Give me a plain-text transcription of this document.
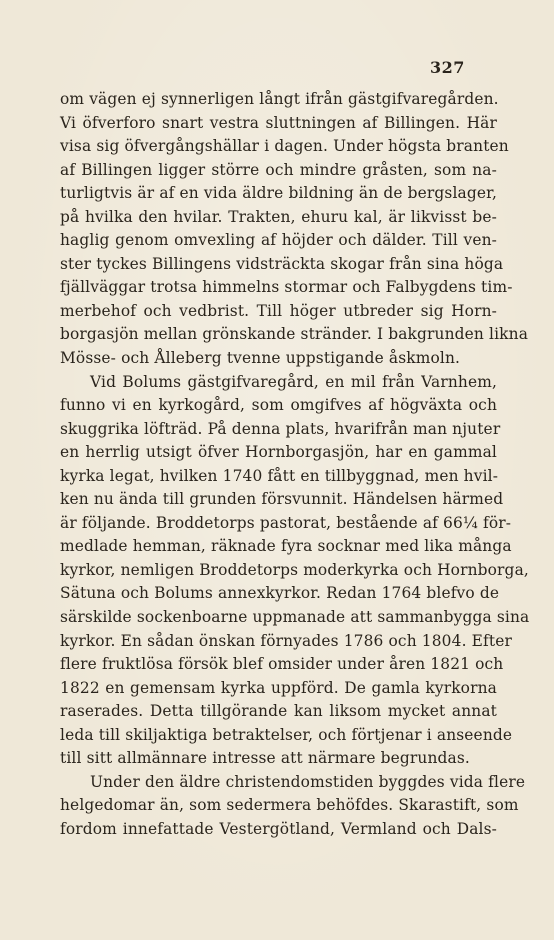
327
om vägen ej synnerligen långt ifrån gästgifvaregården.
Vi öfverforo snart vestra sluttningen af Billingen. Här
visa sig öfvergångshällar i dagen. Under högsta branten
af Billingen ligger större och mindre gråsten, som na-
turligtvis är af en vida äldre bildning än de bergslager,
på hvilka den hvilar. Trakten, ehuru kal, är likvisst be-
haglig genom omvexling af höjder och dälder. Till ven-
ster tyckes Billingens vidsträckta skogar från sina höga
fjällväggar trotsa himmelns stormar och Falbygdens tim-
merbehof och vedbrist. Till höger utbreder sig Horn-
borgasjön mellan grönskande stränder. I bakgrunden likna
Mösse- och Ålleberg tvenne uppstigande åskmoln.
Vid Bolums gästgifvaregård, en mil från Varnhem,
funno vi en kyrkogård, som omgifves af högväxta och
skuggrika löfträd. På denna plats, hvarifrån man njuter
en herrlig utsigt öfver Hornborgasjön, har en gammal
kyrka legat, hvilken 1740 fått en tillbyggnad, men hvil-
ken nu ända till grunden försvunnit. Händelsen härmed
är följande. Broddetorps pastorat, bestående af 66¼ för-
medlade hemman, räknade fyra socknar med lika många
kyrkor, nemligen Broddetorps moderkyrka och Hornborga,
Sätuna och Bolums annexkyrkor. Redan 1764 blefvo de
särskilde sockenboarne uppmanade att sammanbygga sina
kyrkor. En sådan önskan förnyades 1786 och 1804. Efter
flere fruktlösa försök blef omsider under åren 1821 och
1822 en gemensam kyrka uppförd. De gamla kyrkorna
raserades. Detta tillgörande kan liksom mycket annat
leda till skiljaktiga betraktelser, och förtjenar i anseende
till sitt allmännare intresse att närmare begrundas.
Under den äldre christendomstiden byggdes vida flere
helgedomar än, som sedermera behöfdes. Skarastift, som
fordom innefattade Vestergötland, Vermland och Dals-
